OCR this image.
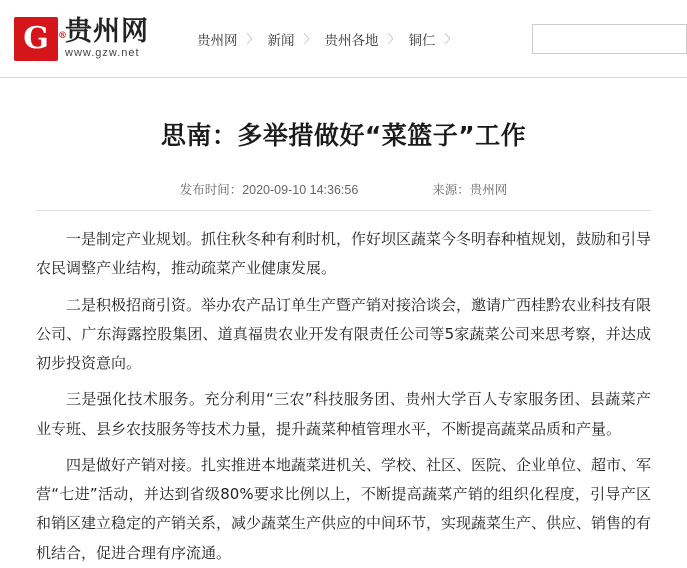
G ®
贵州网
www.gzw.net
贵州网 〉 新闻 〉 贵州各地 〉 铜仁 〉
思南：多举措做好“菜篮子”工作
发布时间：2020-09-10 14:36:56	来源：贵州网

一是制定产业规划。抓住秋冬种有利时机，作好坝区蔬菜今冬明春种植规划，鼓励和引导农民调整产业结构，推动疏菜产业健康发展。

二是积极招商引资。举办农产品订单生产暨产销对接洽谈会，邀请广西桂黔农业科技有限公司、广东海露控股集团、道真福贵农业开发有限责任公司等5家蔬菜公司来思考察，并达成初步投资意向。

三是强化技术服务。充分利用“三农”科技服务团、贵州大学百人专家服务团、县蔬菜产业专班、县乡农技服务等技术力量，提升蔬菜种植管理水平，不断提高蔬菜品质和产量。

四是做好产销对接。扎实推进本地蔬菜进机关、学校、社区、医院、企业单位、超市、军营“七进”活动，并达到省级80%要求比例以上，不断提高蔬菜产销的组织化程度，引导产区和销区建立稳定的产销关系，减少蔬菜生产供应的中间环节，实现蔬菜生产、供应、销售的有机结合，促进合理有序流通。
